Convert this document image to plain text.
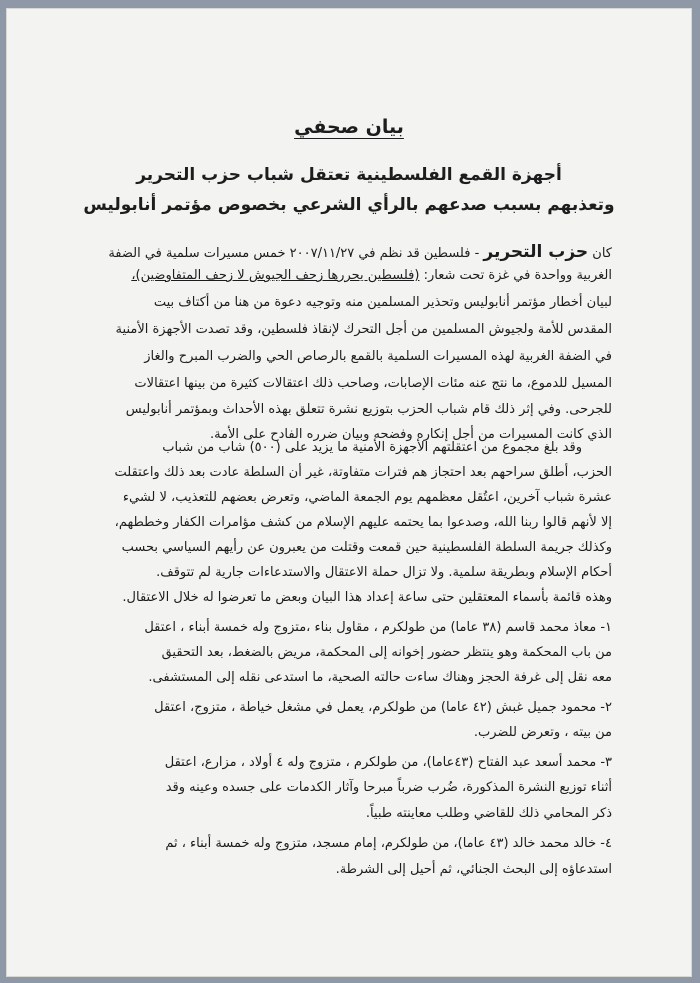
بيان صحفي
أجهزة القمع الفلسطينية تعتقل شباب حزب التحرير
وتعذبهم بسبب صدعهم بالرأي الشرعي بخصوص مؤتمر أنابوليس
كان حزب التحرير - فلسطين قد نظم في ٢٠٠٧/١١/٢٧ خمس مسيرات سلمية في الضفة
الغربية وواحدة في غزة تحت شعار: (فلسطين يحررها زحف الجيوش لا زحف المتفاوضين)،
لبيان أخطار مؤتمر أنابوليس وتحذير المسلمين منه وتوجيه دعوة من هنا من أكتاف بيت
المقدس للأمة ولجيوش المسلمين من أجل التحرك لإنقاذ فلسطين، وقد تصدت الأجهزة الأمنية
في الضفة الغربية لهذه المسيرات السلمية بالقمع بالرصاص الحي والضرب المبرح والغاز
المسيل للدموع، ما نتج عنه مئات الإصابات، وصاحب ذلك اعتقالات كثيرة من بينها اعتقالات
للجرحى. وفي إثر ذلك قام شباب الحزب بتوزيع نشرة تتعلق بهذه الأحداث وبمؤتمر أنابوليس
الذي كانت المسيرات من أجل إنكاره وفضحه وبيان ضرره الفادح على الأمة.
وقد بلغ مجموع من اعتقلتهم الأجهزة الأمنية ما يزيد على (٥٠٠) شاب من شباب
الحزب، أطلق سراحهم بعد احتجاز هم فترات متفاوتة، غير أن السلطة عادت بعد ذلك واعتقلت
عشرة شباب آخرين، اعتُقل معظمهم يوم الجمعة الماضي، وتعرض بعضهم للتعذيب، لا لشيء
إلا لأنهم قالوا ربنا الله، وصدعوا بما يحتمه عليهم الإسلام من كشف مؤامرات الكفار وخططهم،
وكذلك جريمة السلطة الفلسطينية حين قمعت وقتلت من يعبرون عن رأيهم السياسي بحسب
أحكام الإسلام وبطريقة سلمية. ولا تزال حملة الاعتقال والاستدعاءات جارية لم تتوقف.
وهذه قائمة بأسماء المعتقلين حتى ساعة إعداد هذا البيان وبعض ما تعرضوا له خلال الاعتقال.
١- معاذ محمد قاسم (٣٨ عاما) من طولكرم ، مقاول بناء ،متزوج وله خمسة أبناء ، اعتقل
من باب المحكمة وهو ينتظر حضور إخوانه إلى المحكمة، مريض بالضغط، بعد التحقيق
معه نقل إلى غرفة الحجز وهناك ساءت حالته الصحية، ما استدعى نقله إلى المستشفى.
٢- محمود جميل غبش (٤٢ عاما) من طولكرم، يعمل في مشغل خياطة ، متزوج، اعتقل
من بيته ، وتعرض للضرب.
٣- محمد أسعد عبد الفتاح (٤٣عاما)، من طولكرم ، متزوج وله ٤ أولاد ، مزارع، اعتقل
أثناء توزيع النشرة المذكورة، ضُرب ضرباً مبرحا وآثار الكدمات على جسده وعينه وقد
ذكر المحامي ذلك للقاضي وطلب معاينته طبياً.
٤- خالد محمد خالد (٤٣ عاما)، من طولكرم، إمام مسجد، متزوج وله خمسة أبناء ، ثم
استدعاؤه إلى البحث الجنائي، ثم أحيل إلى الشرطة.
